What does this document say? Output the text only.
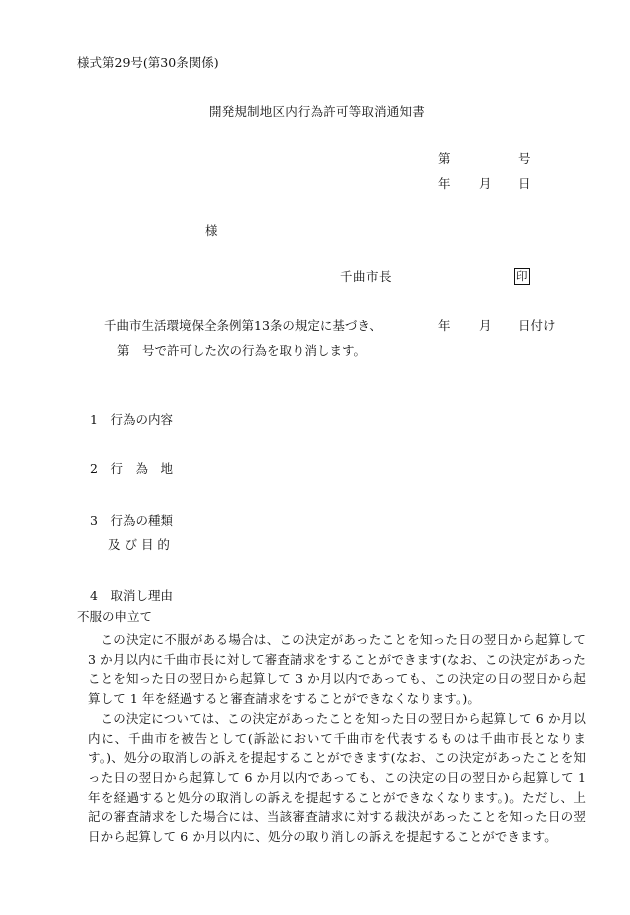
様式第29号(第30条関係)
開発規制地区内行為許可等取消通知書
第	号
年 月 日
様
千曲市長	印
千曲市生活環境保全条例第13条の規定に基づき、	年 月 日付け
第　号で許可した次の行為を取り消します。
1　行為の内容
2　行　為　地
3　行為の種類
及 び 目 的
4　取消し理由
不服の申立て

この決定に不服がある場合は、この決定があったことを知った日の翌日から起算して 3 か月以内に千曲市長に対して審査請求をすることができます(なお、この決定があったことを知った日の翌日から起算して 3 か月以内であっても、この決定の日の翌日から起算して 1 年を経過すると審査請求をすることができなくなります。)。

この決定については、この決定があったことを知った日の翌日から起算して 6 か月以内に、千曲市を被告として(訴訟において千曲市を代表するものは千曲市長となります。)、処分の取消しの訴えを提起することができます(なお、この決定があったことを知った日の翌日から起算して 6 か月以内であっても、この決定の日の翌日から起算して 1 年を経過すると処分の取消しの訴えを提起することができなくなります。)。ただし、上記の審査請求をした場合には、当該審査請求に対する裁決があったことを知った日の翌日から起算して 6 か月以内に、処分の取り消しの訴えを提起することができます。
